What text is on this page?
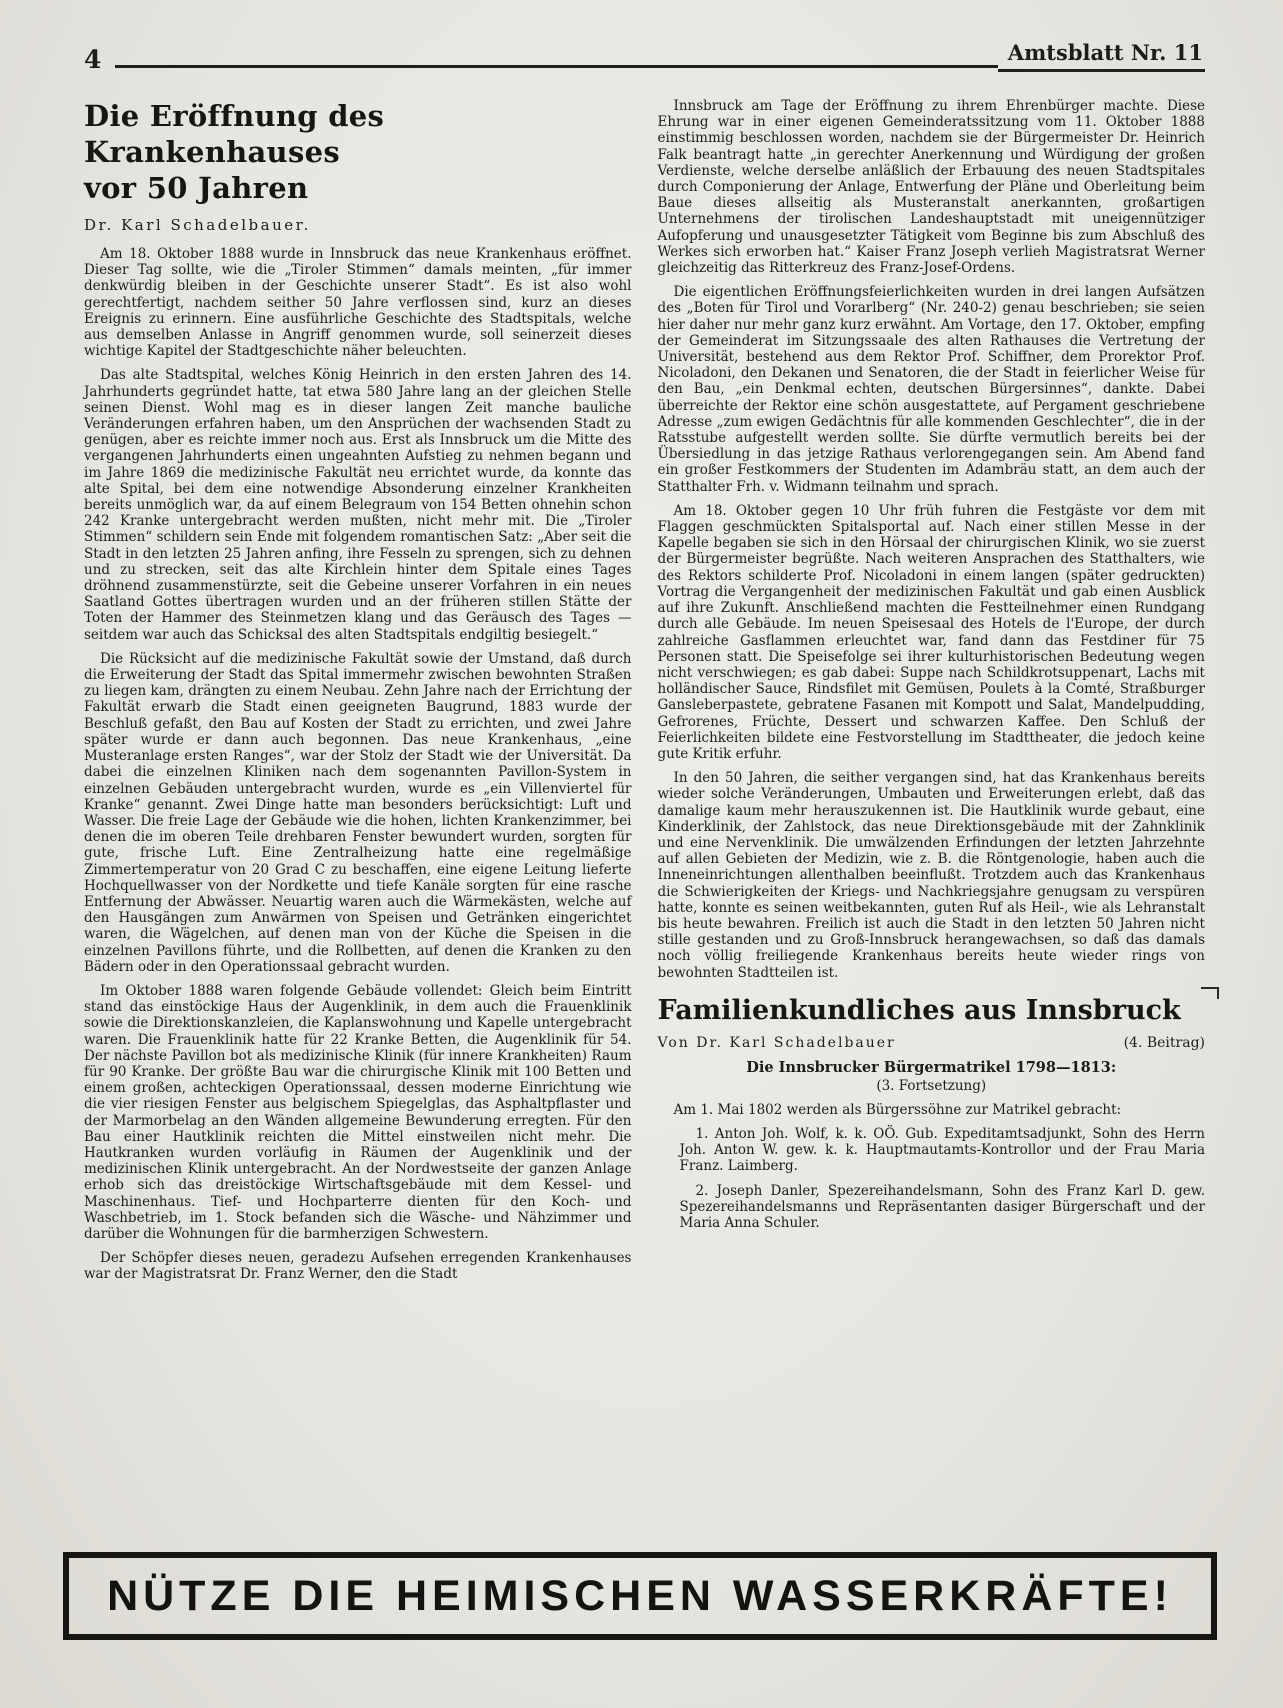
4	Amtsblatt Nr. 11
Die Eröffnung des Krankenhauses
vor 50 Jahren
Dr. Karl Schadelbauer.

Am 18. Oktober 1888 wurde in Innsbruck das neue Krankenhaus eröffnet. Dieser Tag sollte, wie die „Tiroler Stimmen“ damals meinten, „für immer denkwürdig bleiben in der Geschichte unserer Stadt“. Es ist also wohl gerechtfertigt, nachdem seither 50 Jahre verflossen sind, kurz an dieses Ereignis zu erinnern. Eine ausführliche Geschichte des Stadtspitals, welche aus demselben Anlasse in Angriff genommen wurde, soll seinerzeit dieses wichtige Kapitel der Stadtgeschichte näher beleuchten.

Das alte Stadtspital, welches König Heinrich in den ersten Jahren des 14. Jahrhunderts gegründet hatte, tat etwa 580 Jahre lang an der gleichen Stelle seinen Dienst. Wohl mag es in dieser langen Zeit manche bauliche Veränderungen erfahren haben, um den Ansprüchen der wachsenden Stadt zu genügen, aber es reichte immer noch aus. Erst als Innsbruck um die Mitte des vergangenen Jahrhunderts einen ungeahnten Aufstieg zu nehmen begann und im Jahre 1869 die medizinische Fakultät neu errichtet wurde, da konnte das alte Spital, bei dem eine notwendige Absonderung einzelner Krankheiten bereits unmöglich war, da auf einem Belegraum von 154 Betten ohnehin schon 242 Kranke untergebracht werden mußten, nicht mehr mit. Die „Tiroler Stimmen“ schildern sein Ende mit folgendem romantischen Satz: „Aber seit die Stadt in den letzten 25 Jahren anfing, ihre Fesseln zu sprengen, sich zu dehnen und zu strecken, seit das alte Kirchlein hinter dem Spitale eines Tages dröhnend zusammenstürzte, seit die Gebeine unserer Vorfahren in ein neues Saatland Gottes übertragen wurden und an der früheren stillen Stätte der Toten der Hammer des Steinmetzen klang und das Geräusch des Tages — seitdem war auch das Schicksal des alten Stadtspitals endgiltig besiegelt.“

Die Rücksicht auf die medizinische Fakultät sowie der Umstand, daß durch die Erweiterung der Stadt das Spital immermehr zwischen bewohnten Straßen zu liegen kam, drängten zu einem Neubau. Zehn Jahre nach der Errichtung der Fakultät erwarb die Stadt einen geeigneten Baugrund, 1883 wurde der Beschluß gefaßt, den Bau auf Kosten der Stadt zu errichten, und zwei Jahre später wurde er dann auch begonnen. Das neue Krankenhaus, „eine Musteranlage ersten Ranges“, war der Stolz der Stadt wie der Universität. Da dabei die einzelnen Kliniken nach dem sogenannten Pavillon-System in einzelnen Gebäuden untergebracht wurden, wurde es „ein Villenviertel für Kranke“ genannt. Zwei Dinge hatte man besonders berücksichtigt: Luft und Wasser. Die freie Lage der Gebäude wie die hohen, lichten Krankenzimmer, bei denen die im oberen Teile drehbaren Fenster bewundert wurden, sorgten für gute, frische Luft. Eine Zentralheizung hatte eine regelmäßige Zimmertemperatur von 20 Grad C zu beschaffen, eine eigene Leitung lieferte Hochquellwasser von der Nordkette und tiefe Kanäle sorgten für eine rasche Entfernung der Abwässer. Neuartig waren auch die Wärmekästen, welche auf den Hausgängen zum Anwärmen von Speisen und Getränken eingerichtet waren, die Wägelchen, auf denen man von der Küche die Speisen in die einzelnen Pavillons führte, und die Rollbetten, auf denen die Kranken zu den Bädern oder in den Operationssaal gebracht wurden.

Im Oktober 1888 waren folgende Gebäude vollendet: Gleich beim Eintritt stand das einstöckige Haus der Augenklinik, in dem auch die Frauenklinik sowie die Direktionskanzleien, die Kaplanswohnung und Kapelle untergebracht waren. Die Frauenklinik hatte für 22 Kranke Betten, die Augenklinik für 54. Der nächste Pavillon bot als medizinische Klinik (für innere Krankheiten) Raum für 90 Kranke. Der größte Bau war die chirurgische Klinik mit 100 Betten und einem großen, achteckigen Operationssaal, dessen moderne Einrichtung wie die vier riesigen Fenster aus belgischem Spiegelglas, das Asphaltpflaster und der Marmorbelag an den Wänden allgemeine Bewunderung erregten. Für den Bau einer Hautklinik reichten die Mittel einstweilen nicht mehr. Die Hautkranken wurden vorläufig in Räumen der Augenklinik und der medizinischen Klinik untergebracht. An der Nordwestseite der ganzen Anlage erhob sich das dreistöckige Wirtschaftsgebäude mit dem Kessel- und Maschinenhaus. Tief- und Hochparterre dienten für den Koch- und Waschbetrieb, im 1. Stock befanden sich die Wäsche- und Nähzimmer und darüber die Wohnungen für die barmherzigen Schwestern.

Der Schöpfer dieses neuen, geradezu Aufsehen erregenden Krankenhauses war der Magistratsrat Dr. Franz Werner, den die Stadt

Innsbruck am Tage der Eröffnung zu ihrem Ehrenbürger machte. Diese Ehrung war in einer eigenen Gemeinderatssitzung vom 11. Oktober 1888 einstimmig beschlossen worden, nachdem sie der Bürgermeister Dr. Heinrich Falk beantragt hatte „in gerechter Anerkennung und Würdigung der großen Verdienste, welche derselbe anläßlich der Erbauung des neuen Stadtspitales durch Componierung der Anlage, Entwerfung der Pläne und Oberleitung beim Baue dieses allseitig als Musteranstalt anerkannten, großartigen Unternehmens der tirolischen Landeshauptstadt mit uneigennütziger Aufopferung und unausgesetzter Tätigkeit vom Beginne bis zum Abschluß des Werkes sich erworben hat.“ Kaiser Franz Joseph verlieh Magistratsrat Werner gleichzeitig das Ritterkreuz des Franz-Josef-Ordens.

Die eigentlichen Eröffnungsfeierlichkeiten wurden in drei langen Aufsätzen des „Boten für Tirol und Vorarlberg“ (Nr. 240-2) genau beschrieben; sie seien hier daher nur mehr ganz kurz erwähnt. Am Vortage, den 17. Oktober, empfing der Gemeinderat im Sitzungssaale des alten Rathauses die Vertretung der Universität, bestehend aus dem Rektor Prof. Schiffner, dem Prorektor Prof. Nicoladoni, den Dekanen und Senatoren, die der Stadt in feierlicher Weise für den Bau, „ein Denkmal echten, deutschen Bürgersinnes“, dankte. Dabei überreichte der Rektor eine schön ausgestattete, auf Pergament geschriebene Adresse „zum ewigen Gedächtnis für alle kommenden Geschlechter“, die in der Ratsstube aufgestellt werden sollte. Sie dürfte vermutlich bereits bei der Übersiedlung in das jetzige Rathaus verlorengegangen sein. Am Abend fand ein großer Festkommers der Studenten im Adambräu statt, an dem auch der Statthalter Frh. v. Widmann teilnahm und sprach.

Am 18. Oktober gegen 10 Uhr früh fuhren die Festgäste vor dem mit Flaggen geschmückten Spitalsportal auf. Nach einer stillen Messe in der Kapelle begaben sie sich in den Hörsaal der chirurgischen Klinik, wo sie zuerst der Bürgermeister begrüßte. Nach weiteren Ansprachen des Statthalters, wie des Rektors schilderte Prof. Nicoladoni in einem langen (später gedruckten) Vortrag die Vergangenheit der medizinischen Fakultät und gab einen Ausblick auf ihre Zukunft. Anschließend machten die Festteilnehmer einen Rundgang durch alle Gebäude. Im neuen Speisesaal des Hotels de l'Europe, der durch zahlreiche Gasflammen erleuchtet war, fand dann das Festdiner für 75 Personen statt. Die Speisefolge sei ihrer kulturhistorischen Bedeutung wegen nicht verschwiegen; es gab dabei: Suppe nach Schildkrotsuppenart, Lachs mit holländischer Sauce, Rindsfilet mit Gemüsen, Poulets à la Comté, Straßburger Gansleberpastete, gebratene Fasanen mit Kompott und Salat, Mandelpudding, Gefrorenes, Früchte, Dessert und schwarzen Kaffee. Den Schluß der Feierlichkeiten bildete eine Festvorstellung im Stadttheater, die jedoch keine gute Kritik erfuhr.

In den 50 Jahren, die seither vergangen sind, hat das Krankenhaus bereits wieder solche Veränderungen, Umbauten und Erweiterungen erlebt, daß das damalige kaum mehr herauszukennen ist. Die Hautklinik wurde gebaut, eine Kinderklinik, der Zahlstock, das neue Direktionsgebäude mit der Zahnklinik und eine Nervenklinik. Die umwälzenden Erfindungen der letzten Jahrzehnte auf allen Gebieten der Medizin, wie z. B. die Röntgenologie, haben auch die Inneneinrichtungen allenthalben beeinflußt. Trotzdem auch das Krankenhaus die Schwierigkeiten der Kriegs- und Nachkriegsjahre genugsam zu verspüren hatte, konnte es seinen weitbekannten, guten Ruf als Heil-, wie als Lehranstalt bis heute bewahren. Freilich ist auch die Stadt in den letzten 50 Jahren nicht stille gestanden und zu Groß-Innsbruck herangewachsen, so daß das damals noch völlig freiliegende Krankenhaus bereits heute wieder rings von bewohnten Stadtteilen ist.

Familienkundliches aus Innsbruck
Von Dr. Karl Schadelbauer	(4. Beitrag)
Die Innsbrucker Bürgermatrikel 1798—1813:
(3. Fortsetzung)

Am 1. Mai 1802 werden als Bürgerssöhne zur Matrikel gebracht:

1. Anton Joh. Wolf, k. k. OÖ. Gub. Expeditamtsadjunkt, Sohn des Herrn Joh. Anton W. gew. k. k. Hauptmautamts-Kontrollor und der Frau Maria Franz. Laimberg.

2. Joseph Danler, Spezereihandelsmann, Sohn des Franz Karl D. gew. Spezereihandelsmanns und Repräsentanten dasiger Bürgerschaft und der Maria Anna Schuler.

NÜTZE DIE HEIMISCHEN WASSERKRÄFTE!
